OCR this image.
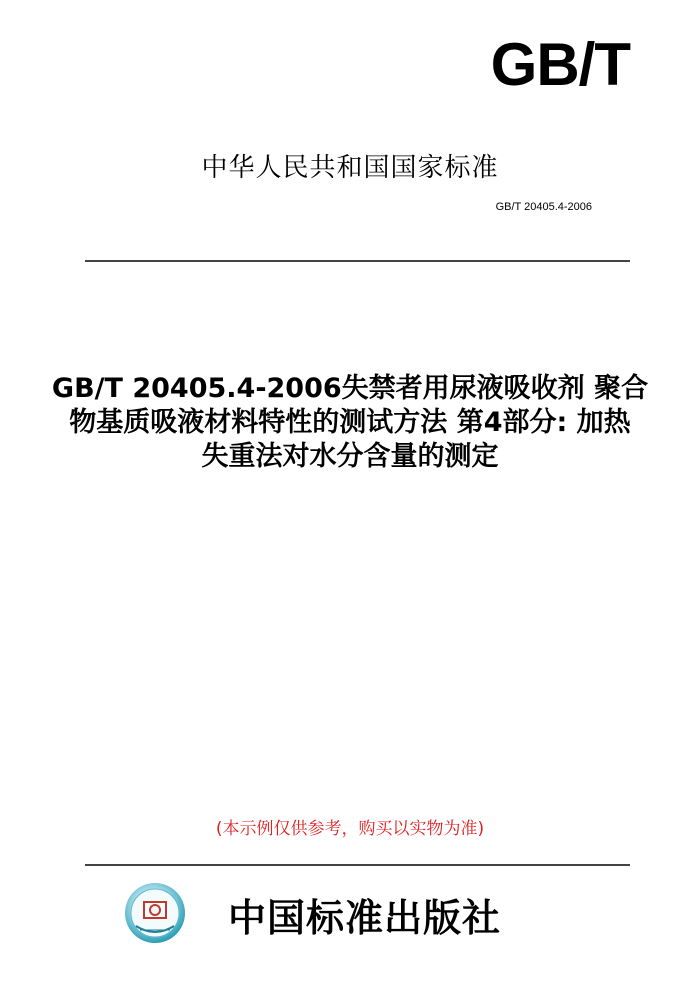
GB/T
中华人民共和国国家标准
GB/T 20405.4-2006
GB/T 20405.4-2006失禁者用尿液吸收剂 聚合
物基质吸液材料特性的测试方法 第4部分: 加热
失重法对水分含量的测定
(本示例仅供参考，购买以实物为准)
中国标准出版社
